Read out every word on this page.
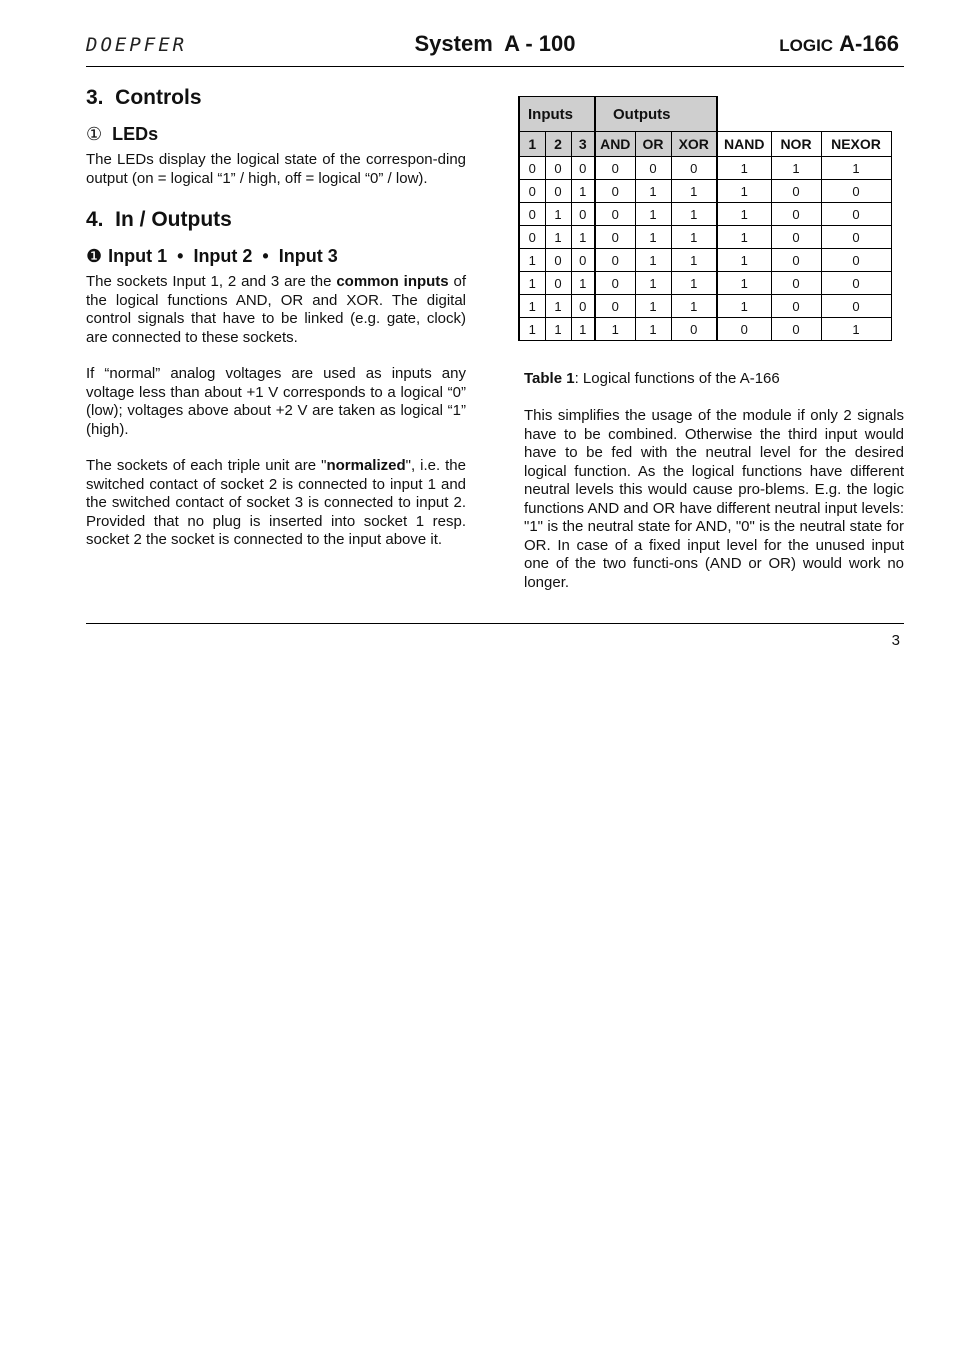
DOEPFER	System  A - 100	LOGIC A-166
3.  Controls
① LEDs

The LEDs display the logical state of the correspon-ding output (on = logical “1” / high, off = logical “0” / low).

4.  In / Outputs
❶ Input 1  •  Input 2  •  Input 3

The sockets Input 1, 2 and 3 are the common inputs of the logical functions AND, OR and XOR. The digital control signals that have to be linked (e.g. gate, clock) are connected to these sockets.

If “normal” analog voltages are used as inputs any voltage less than about +1 V corresponds to a logical “0” (low); voltages above about +2 V are taken as logical “1” (high).

The sockets of each triple unit are "normalized", i.e. the switched contact of socket 2 is connected to input 1 and the switched contact of socket 3 is connected to input 2. Provided that no plug is inserted into socket 1 resp. socket 2 the socket is connected to the input above it.

Inputs			Outputs					
1	2	3	AND	OR	XOR	NAND	NOR	NEXOR
0	0	0	0	0	0	1	1	1
0	0	1	0	1	1	1	0	0
0	1	0	0	1	1	1	0	0
0	1	1	0	1	1	1	0	0
1	0	0	0	1	1	1	0	0
1	0	1	0	1	1	1	0	0
1	1	0	0	1	1	1	0	0
1	1	1	1	1	0	0	0	1
Table 1: Logical functions of the A-166

This simplifies the usage of the module if only 2 signals have to be combined. Otherwise the third input would have to be fed with the neutral level for the desired logical function. As the logical functions have different neutral levels this would cause pro-blems. E.g. the logic functions AND and OR have different neutral input levels: "1" is the neutral state for AND, "0" is the neutral state for OR. In case of a fixed input level for the unused input one of the two functi-ons (AND or OR) would work no longer.

3
